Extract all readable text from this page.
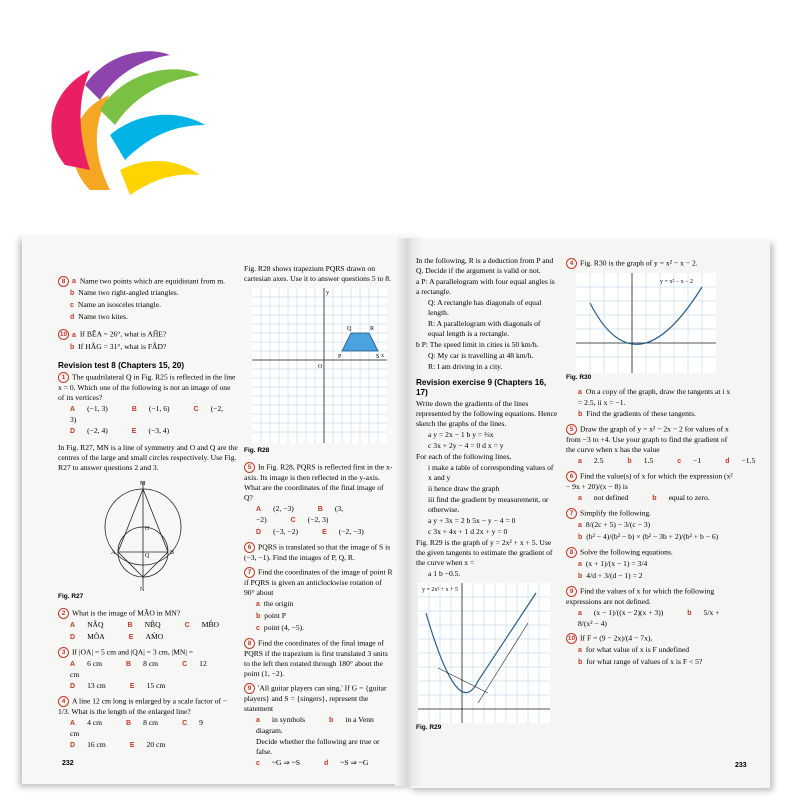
8 a Name two points which are equidistant from m.
b Name two right-angled triangles.
c Name an isosceles triangle.
d Name two kites.
10 a If BÊA = 26°, what is AĤE?
b If HÂG = 31°, what is FÂD?
Revision test 8 (Chapters 15, 20)
1 The quadrilateral Q in Fig. R25 is reflected in the line x = 0. Which one of the following is not an image of one of its vertices?
A (−1, 3)	B (−1, 6)	C (−2, 3)
D (−2, 4)	E (−3, 4)
In Fig. R27, MN is a line of symmetry and O and Q are the centres of the large and small circles respectively. Use Fig. R27 to answer questions 2 and 3.
M
A	B
N
O
Q
Fig. R27
2 What is the image of MÂO in MN?
A NÂQ	B NB̂Q	C MB̂O
D MÔA	E AM̂O
3 If |OA| = 5 cm and |QA| = 3 cm, |MN| =
A 6 cm	B 8 cm	C 12 cm
D 13 cm	E 15 cm
4 A line 12 cm long is enlarged by a scale factor of − 1/3. What is the length of the enlarged line?
A 4 cm	B 8 cm	C 9 cm
D 16 cm	E 20 cm
232
Fig. R28 shows trapezium PQRS drawn on cartesian axes. Use it to answer questions 5 to 8.
P
Q	R
S
O
y
x
Fig. R28
5 In Fig. R28, PQRS is reflected first in the x-axis. Its image is then reflected in the y-axis. What are the coordinates of the final image of Q?
A (2, −3)	B (3, −2)	C (−2, 3)
D (−3, −2)	E (−2, −3)
6 PQRS is translated so that the image of S is (−3, −1). Find the images of P, Q, R.
7 Find the coordinates of the image of point R if PQRS is given an anticlockwise rotation of 90° about
a the origin
b point P
c point (4, −5).
8 Find the coordinates of the final image of PQRS if the trapezium is first translated 3 units to the left then rotated through 180° about the point (1, −2).
9 'All guitar players can sing.' If G = {guitar players} and S = {singers}, represent the statement
a in symbols	b in a Venn diagram.
Decide whether the following are true or false.
c ~G ⇒ ~S	d ~S ⇒ ~G
In the following, R is a deduction from P and Q. Decide if the argument is valid or not.
a P: A parallelogram with four equal angles is a rectangle.
Q: A rectangle has diagonals of equal length.
R: A parallelogram with diagonals of equal length is a rectangle.
b P: The speed limit in cities is 50 km/h.
Q: My car is travelling at 48 km/h.
R: I am driving in a city.
Revision exercise 9 (Chapters 16, 17)
Write down the gradients of the lines represented by the following equations. Hence sketch the graphs of the lines.
a y = 2x − 1 b y = ⅔x
c 3x + 2y − 4 = 0 d x = y
For each of the following lines,
i make a table of corresponding values of x and y
ii hence draw the graph
iii find the gradient by measurement, or otherwise.
a y + 3x = 2 b 5x − y − 4 = 0
c 3x + 4x + 1 d 2x + y = 0
Fig. R29 is the graph of y = 2x² + x + 5. Use the given tangents to estimate the gradient of the curve when x =
a 1 b −0.5.
y = 2x² + x + 5
Fig. R29
4 Fig. R30 is the graph of y = x² − x − 2.
y = x² − x − 2
Fig. R30
a On a copy of the graph, draw the tangents at i x = 2.5, ii x = −1.
b Find the gradients of these tangents.
5 Draw the graph of y = x² − 2x − 2 for values of x from −3 to +4. Use your graph to find the gradient of the curve when x has the value
a 2.5	b 1.5	c −1	d −1.5
6 Find the value(s) of x for which the expression (x² − 9x + 20)/(x − 8) is
a not defined	b equal to zero.
7 Simplify the following.
a 8/(2c + 5) − 3/(c − 3)
b (b² − 4)/(b² − b) × (b² − 3b + 2)/(b² + b − 6)
8 Solve the following equations.
a (x + 1)/(x − 1) = 3/4
b 4/d + 3/(d − 1) = 2
9 Find the values of x for which the following expressions are not defined.
a (x − 1)/((x − 2)(x + 3))	b 5/x + 8/(x² − 4)
10 If F = (9 − 2x)/(4 − 7x),
a for what value of x is F undefined
b for what range of values of x is F < 5?
233
